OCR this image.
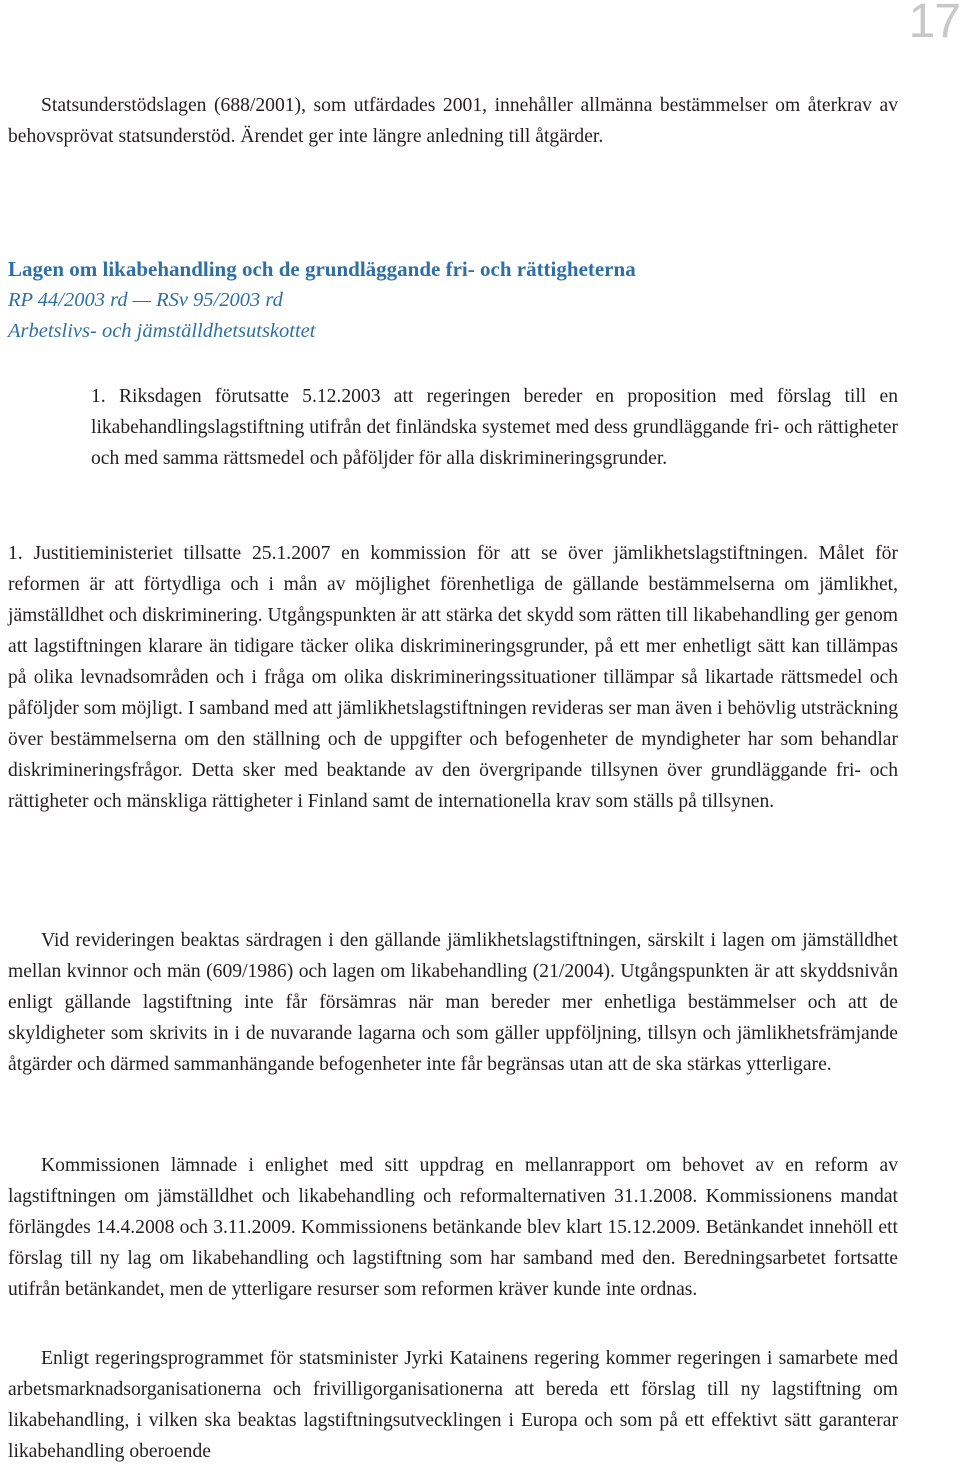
17

Statsunderstödslagen (688/2001), som utfärdades 2001, innehåller allmänna bestämmelser om återkrav av behovsprövat statsunderstöd. Ärendet ger inte längre anledning till åtgärder.

Lagen om likabehandling och de grundläggande fri- och rättigheterna
RP 44/2003 rd — RSv 95/2003 rd
Arbetslivs- och jämställdhetsutskottet

1. Riksdagen förutsatte 5.12.2003 att regeringen bereder en proposition med förslag till en likabehandlingslagstiftning utifrån det finländska systemet med dess grundläggande fri- och rättigheter och med samma rättsmedel och påföljder för alla diskrimineringsgrunder.

1. Justitieministeriet tillsatte 25.1.2007 en kommission för att se över jämlikhetslagstiftningen. Målet för reformen är att förtydliga och i mån av möjlighet förenhetliga de gällande bestämmelserna om jämlikhet, jämställdhet och diskriminering. Utgångspunkten är att stärka det skydd som rätten till likabehandling ger genom att lagstiftningen klarare än tidigare täcker olika diskrimineringsgrunder, på ett mer enhetligt sätt kan tillämpas på olika levnadsområden och i fråga om olika diskrimineringssituationer tillämpar så likartade rättsmedel och påföljder som möjligt. I samband med att jämlikhetslagstiftningen revideras ser man även i behövlig utsträckning över bestämmelserna om den ställning och de uppgifter och befogenheter de myndigheter har som behandlar diskrimineringsfrågor. Detta sker med beaktande av den övergripande tillsynen över grundläggande fri- och rättigheter och mänskliga rättigheter i Finland samt de internationella krav som ställs på tillsynen.

Vid revideringen beaktas särdragen i den gällande jämlikhetslagstiftningen, särskilt i lagen om jämställdhet mellan kvinnor och män (609/1986) och lagen om likabehandling (21/2004). Utgångspunkten är att skyddsnivån enligt gällande lagstiftning inte får försämras när man bereder mer enhetliga bestämmelser och att de skyldigheter som skrivits in i de nuvarande lagarna och som gäller uppföljning, tillsyn och jämlikhetsfrämjande åtgärder och därmed sammanhängande befogenheter inte får begränsas utan att de ska stärkas ytterligare.

Kommissionen lämnade i enlighet med sitt uppdrag en mellanrapport om behovet av en reform av lagstiftningen om jämställdhet och likabehandling och reformalternativen 31.1.2008. Kommissionens mandat förlängdes 14.4.2008 och 3.11.2009. Kommissionens betänkande blev klart 15.12.2009. Betänkandet innehöll ett förslag till ny lag om likabehandling och lagstiftning som har samband med den. Beredningsarbetet fortsatte utifrån betänkandet, men de ytterligare resurser som reformen kräver kunde inte ordnas.

Enligt regeringsprogrammet för statsminister Jyrki Katainens regering kommer regeringen i samarbete med arbetsmarknadsorganisationerna och frivilligorganisationerna att bereda ett förslag till ny lagstiftning om likabehandling, i vilken ska beaktas lagstiftningsutvecklingen i Europa och som på ett effektivt sätt garanterar likabehandling oberoende
